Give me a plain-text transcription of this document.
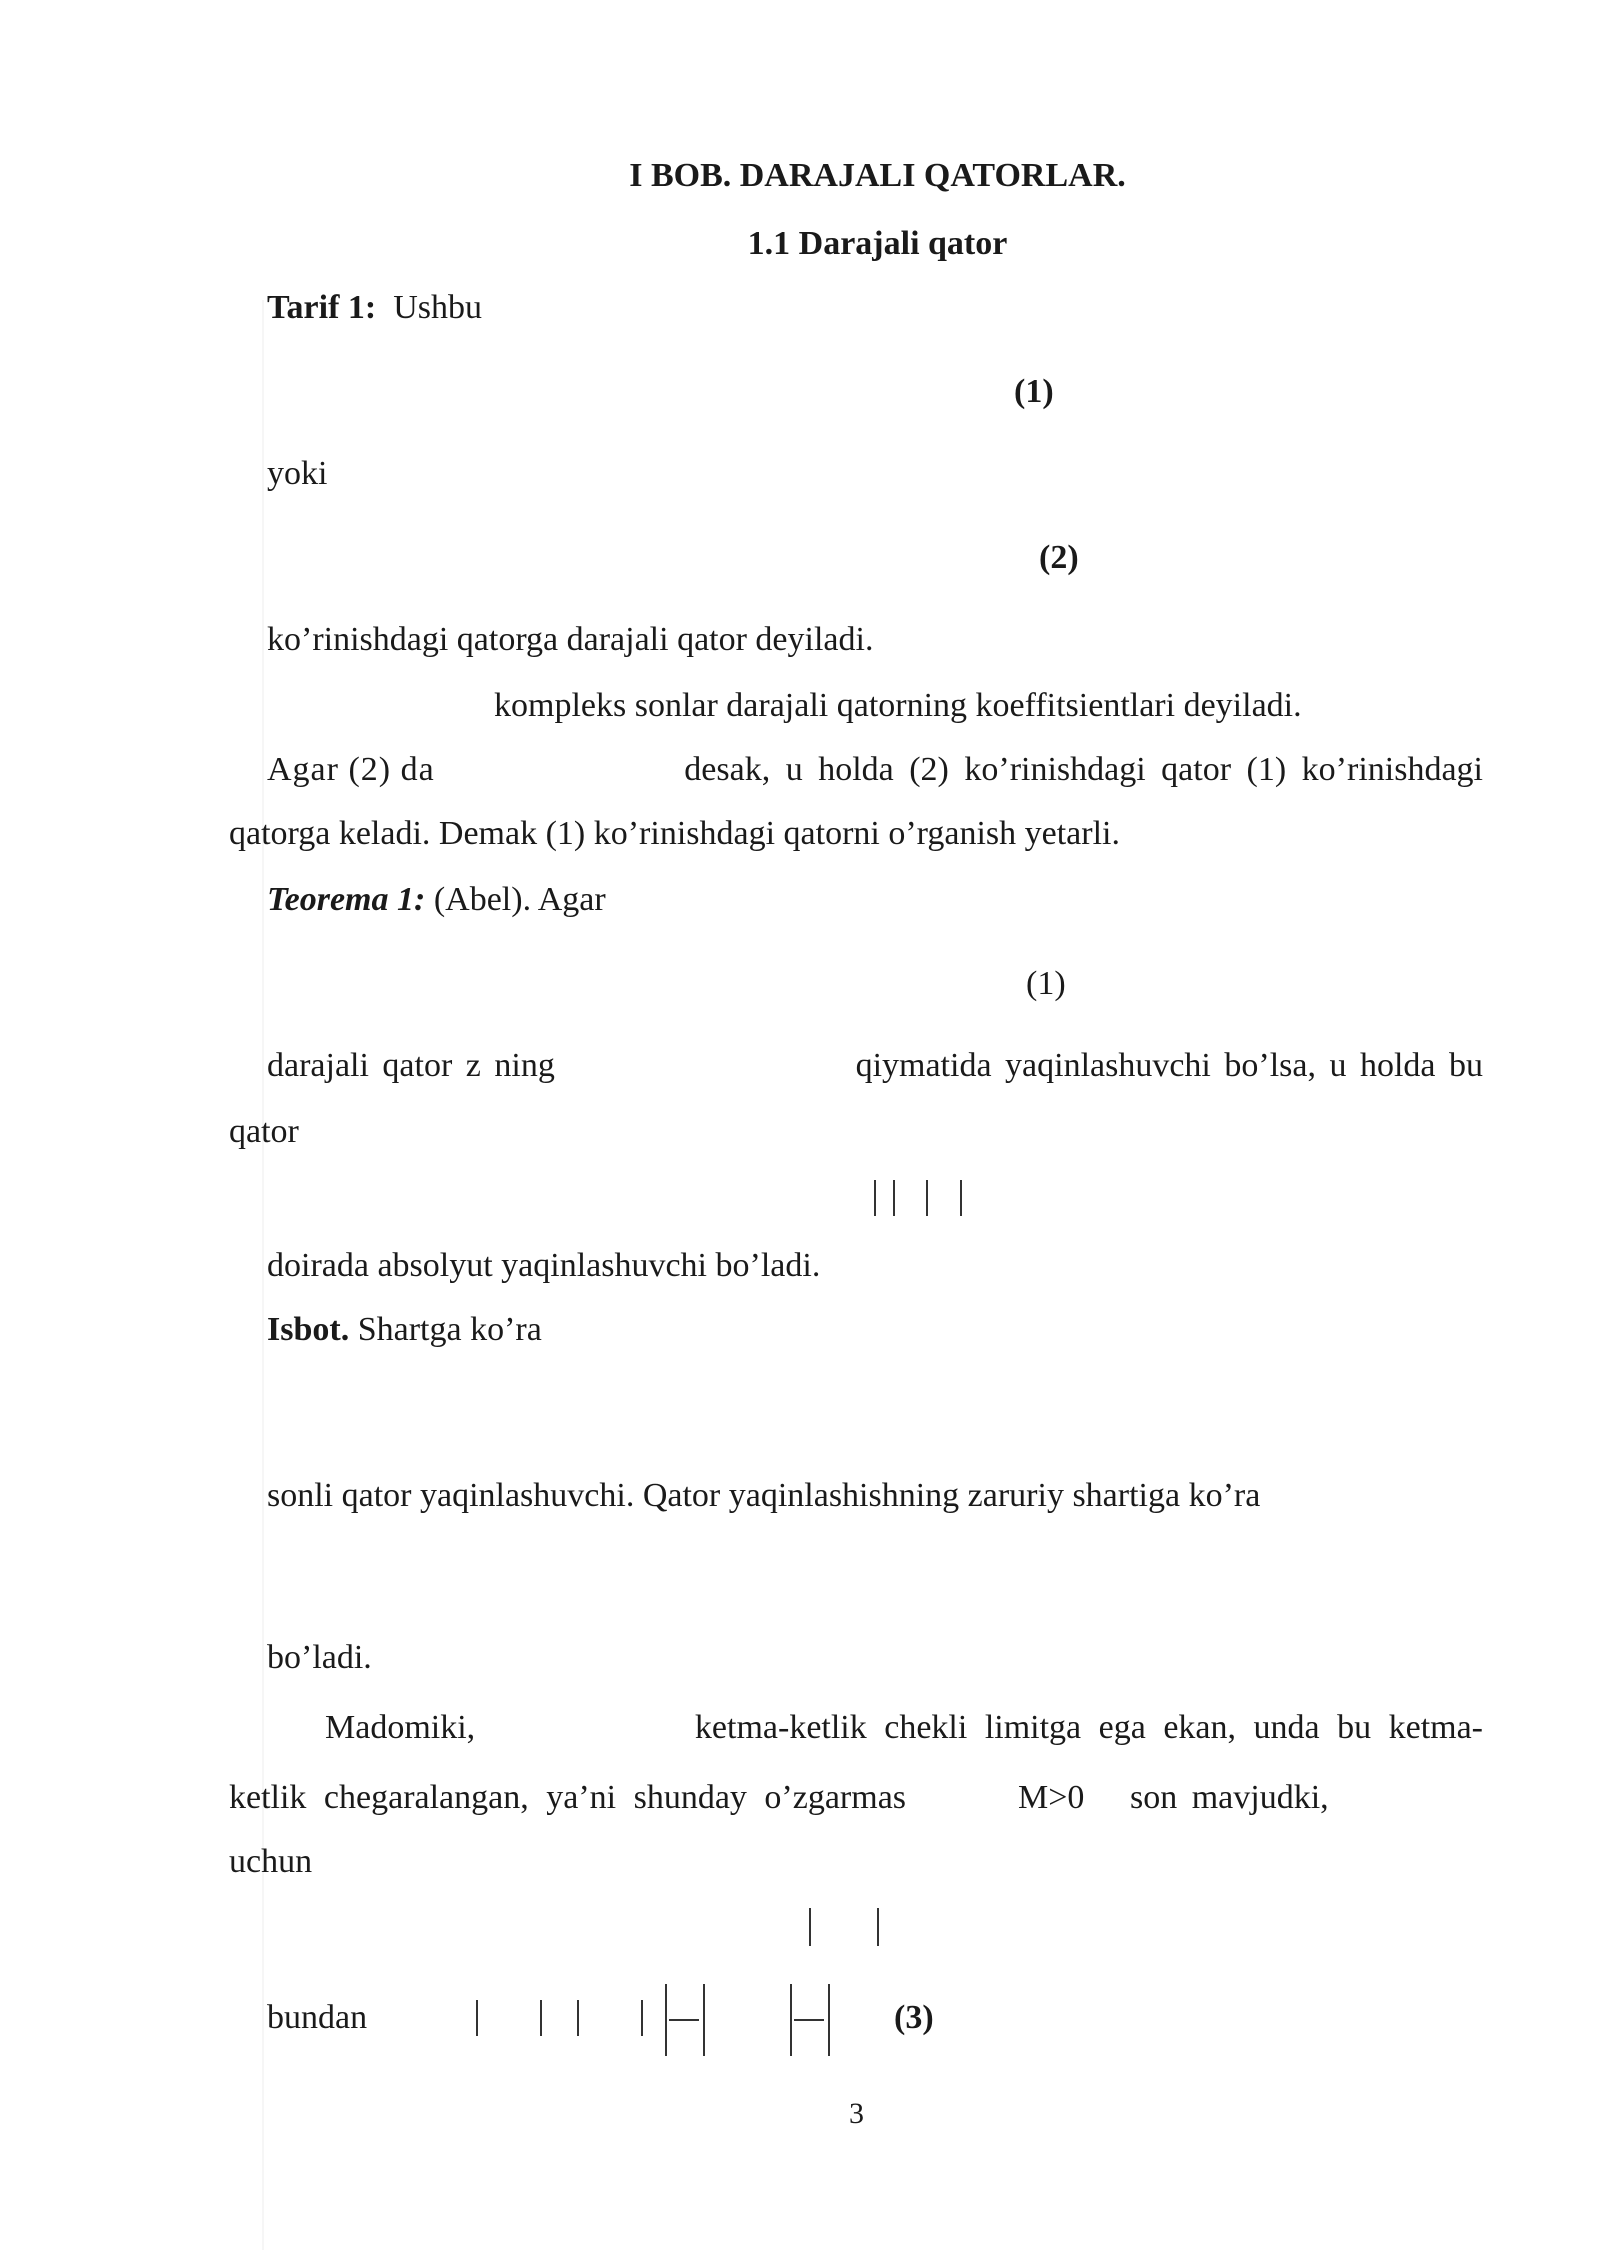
I BOB. DARAJALI QATORLAR.
1.1 Darajali qator
Tarif 1: Ushbu
(1)
yoki
(2)
ko’rinishdagi qatorga darajali qator deyiladi.
kompleks sonlar darajali qatorning koeffitsientlari deyiladi.
Agar (2) da	desak, u holda (2) ko’rinishdagi qator (1) ko’rinishdagi
qatorga keladi. Demak (1) ko’rinishdagi qatorni o’rganish yetarli.
Teorema 1: (Abel). Agar
(1)
darajali qator z ning	qiymatida yaqinlashuvchi bo’lsa, u holda bu
qator
doirada absolyut yaqinlashuvchi bo’ladi.
Isbot. Shartga ko’ra
sonli qator yaqinlashuvchi. Qator yaqinlashishning zaruriy shartiga ko’ra
bo’ladi.
Madomiki,	ketma-ketlik chekli limitga ega ekan, unda bu ketma-
ketlik chegaralangan, ya’ni shunday o’zgarmas	M>0 son mavjudki,
uchun
bundan	(3)
3
